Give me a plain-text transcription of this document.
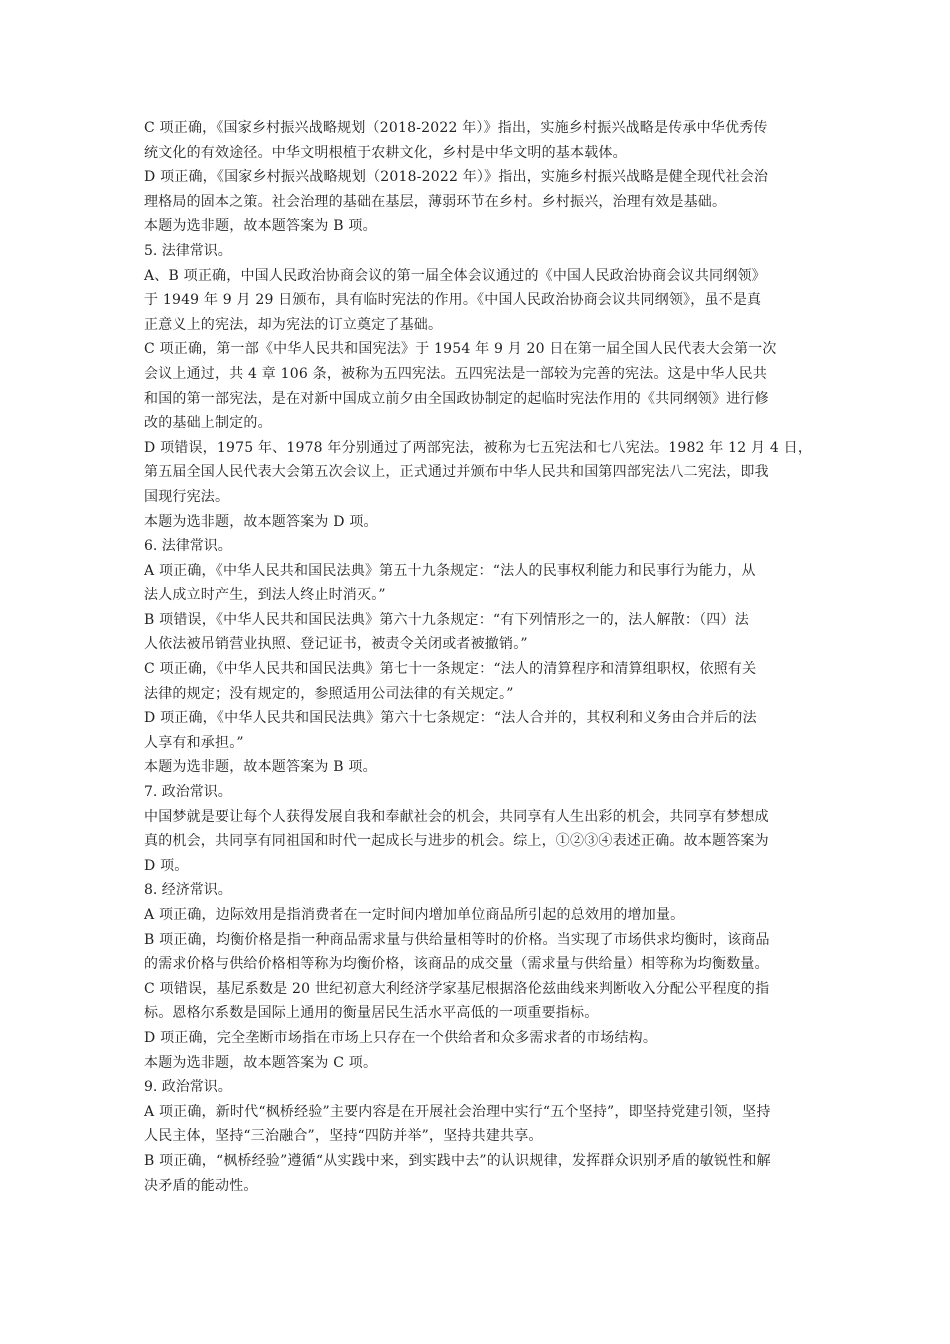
C 项正确，《国家乡村振兴战略规划（2018-2022 年）》指出，实施乡村振兴战略是传承中华优秀传
统文化的有效途径。中华文明根植于农耕文化，乡村是中华文明的基本载体。
D 项正确，《国家乡村振兴战略规划（2018-2022 年）》指出，实施乡村振兴战略是健全现代社会治
理格局的固本之策。社会治理的基础在基层，薄弱环节在乡村。乡村振兴，治理有效是基础。
本题为选非题，故本题答案为 B 项。
5. 法律常识。
A、B 项正确，中国人民政治协商会议的第一届全体会议通过的《中国人民政治协商会议共同纲领》
于 1949 年 9 月 29 日颁布，具有临时宪法的作用。《中国人民政治协商会议共同纲领》，虽不是真
正意义上的宪法，却为宪法的订立奠定了基础。
C 项正确，第一部《中华人民共和国宪法》于 1954 年 9 月 20 日在第一届全国人民代表大会第一次
会议上通过，共 4 章 106 条，被称为五四宪法。五四宪法是一部较为完善的宪法。这是中华人民共
和国的第一部宪法，是在对新中国成立前夕由全国政协制定的起临时宪法作用的《共同纲领》进行修
改的基础上制定的。
D 项错误，1975 年、1978 年分别通过了两部宪法，被称为七五宪法和七八宪法。1982 年 12 月 4 日，
第五届全国人民代表大会第五次会议上，正式通过并颁布中华人民共和国第四部宪法八二宪法，即我
国现行宪法。
本题为选非题，故本题答案为 D 项。
6. 法律常识。
A 项正确，《中华人民共和国民法典》第五十九条规定：“法人的民事权利能力和民事行为能力，从
法人成立时产生，到法人终止时消灭。”
B 项错误，《中华人民共和国民法典》第六十九条规定：“有下列情形之一的，法人解散：（四）法
人依法被吊销营业执照、登记证书，被责令关闭或者被撤销。”
C 项正确，《中华人民共和国民法典》第七十一条规定：“法人的清算程序和清算组职权，依照有关
法律的规定；没有规定的，参照适用公司法律的有关规定。”
D 项正确，《中华人民共和国民法典》第六十七条规定：“法人合并的，其权利和义务由合并后的法
人享有和承担。”
本题为选非题，故本题答案为 B 项。
7. 政治常识。
中国梦就是要让每个人获得发展自我和奉献社会的机会，共同享有人生出彩的机会，共同享有梦想成
真的机会，共同享有同祖国和时代一起成长与进步的机会。综上，①②③④表述正确。故本题答案为
D 项。
8. 经济常识。
A 项正确，边际效用是指消费者在一定时间内增加单位商品所引起的总效用的增加量。
B 项正确，均衡价格是指一种商品需求量与供给量相等时的价格。当实现了市场供求均衡时，该商品
的需求价格与供给价格相等称为均衡价格，该商品的成交量（需求量与供给量）相等称为均衡数量。
C 项错误，基尼系数是 20 世纪初意大利经济学家基尼根据洛伦兹曲线来判断收入分配公平程度的指
标。恩格尔系数是国际上通用的衡量居民生活水平高低的一项重要指标。
D 项正确，完全垄断市场指在市场上只存在一个供给者和众多需求者的市场结构。
本题为选非题，故本题答案为 C 项。
9. 政治常识。
A 项正确，新时代“枫桥经验”主要内容是在开展社会治理中实行“五个坚持”，即坚持党建引领，坚持
人民主体，坚持“三治融合”，坚持“四防并举”，坚持共建共享。
B 项正确，“枫桥经验”遵循“从实践中来，到实践中去”的认识规律，发挥群众识别矛盾的敏锐性和解
决矛盾的能动性。
